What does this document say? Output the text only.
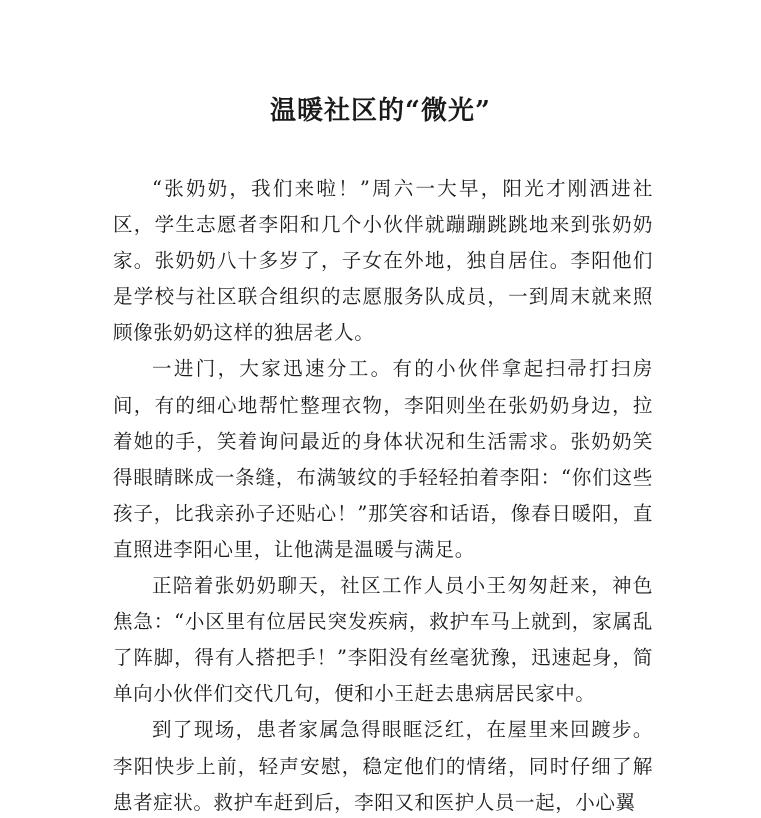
温暖社区的“微光”

“张奶奶，我们来啦！”周六一大早，阳光才刚洒进社区，学生志愿者李阳和几个小伙伴就蹦蹦跳跳地来到张奶奶家。张奶奶八十多岁了，子女在外地，独自居住。李阳他们是学校与社区联合组织的志愿服务队成员，一到周末就来照顾像张奶奶这样的独居老人。

一进门，大家迅速分工。有的小伙伴拿起扫帚打扫房间，有的细心地帮忙整理衣物，李阳则坐在张奶奶身边，拉着她的手，笑着询问最近的身体状况和生活需求。张奶奶笑得眼睛眯成一条缝，布满皱纹的手轻轻拍着李阳：“你们这些孩子，比我亲孙子还贴心！”那笑容和话语，像春日暖阳，直直照进李阳心里，让他满是温暖与满足。

正陪着张奶奶聊天，社区工作人员小王匆匆赶来，神色焦急：“小区里有位居民突发疾病，救护车马上就到，家属乱了阵脚，得有人搭把手！”李阳没有丝毫犹豫，迅速起身，简单向小伙伴们交代几句，便和小王赶去患病居民家中。

到了现场，患者家属急得眼眶泛红，在屋里来回踱步。李阳快步上前，轻声安慰，稳定他们的情绪，同时仔细了解患者症状。救护车赶到后，李阳又和医护人员一起，小心翼
